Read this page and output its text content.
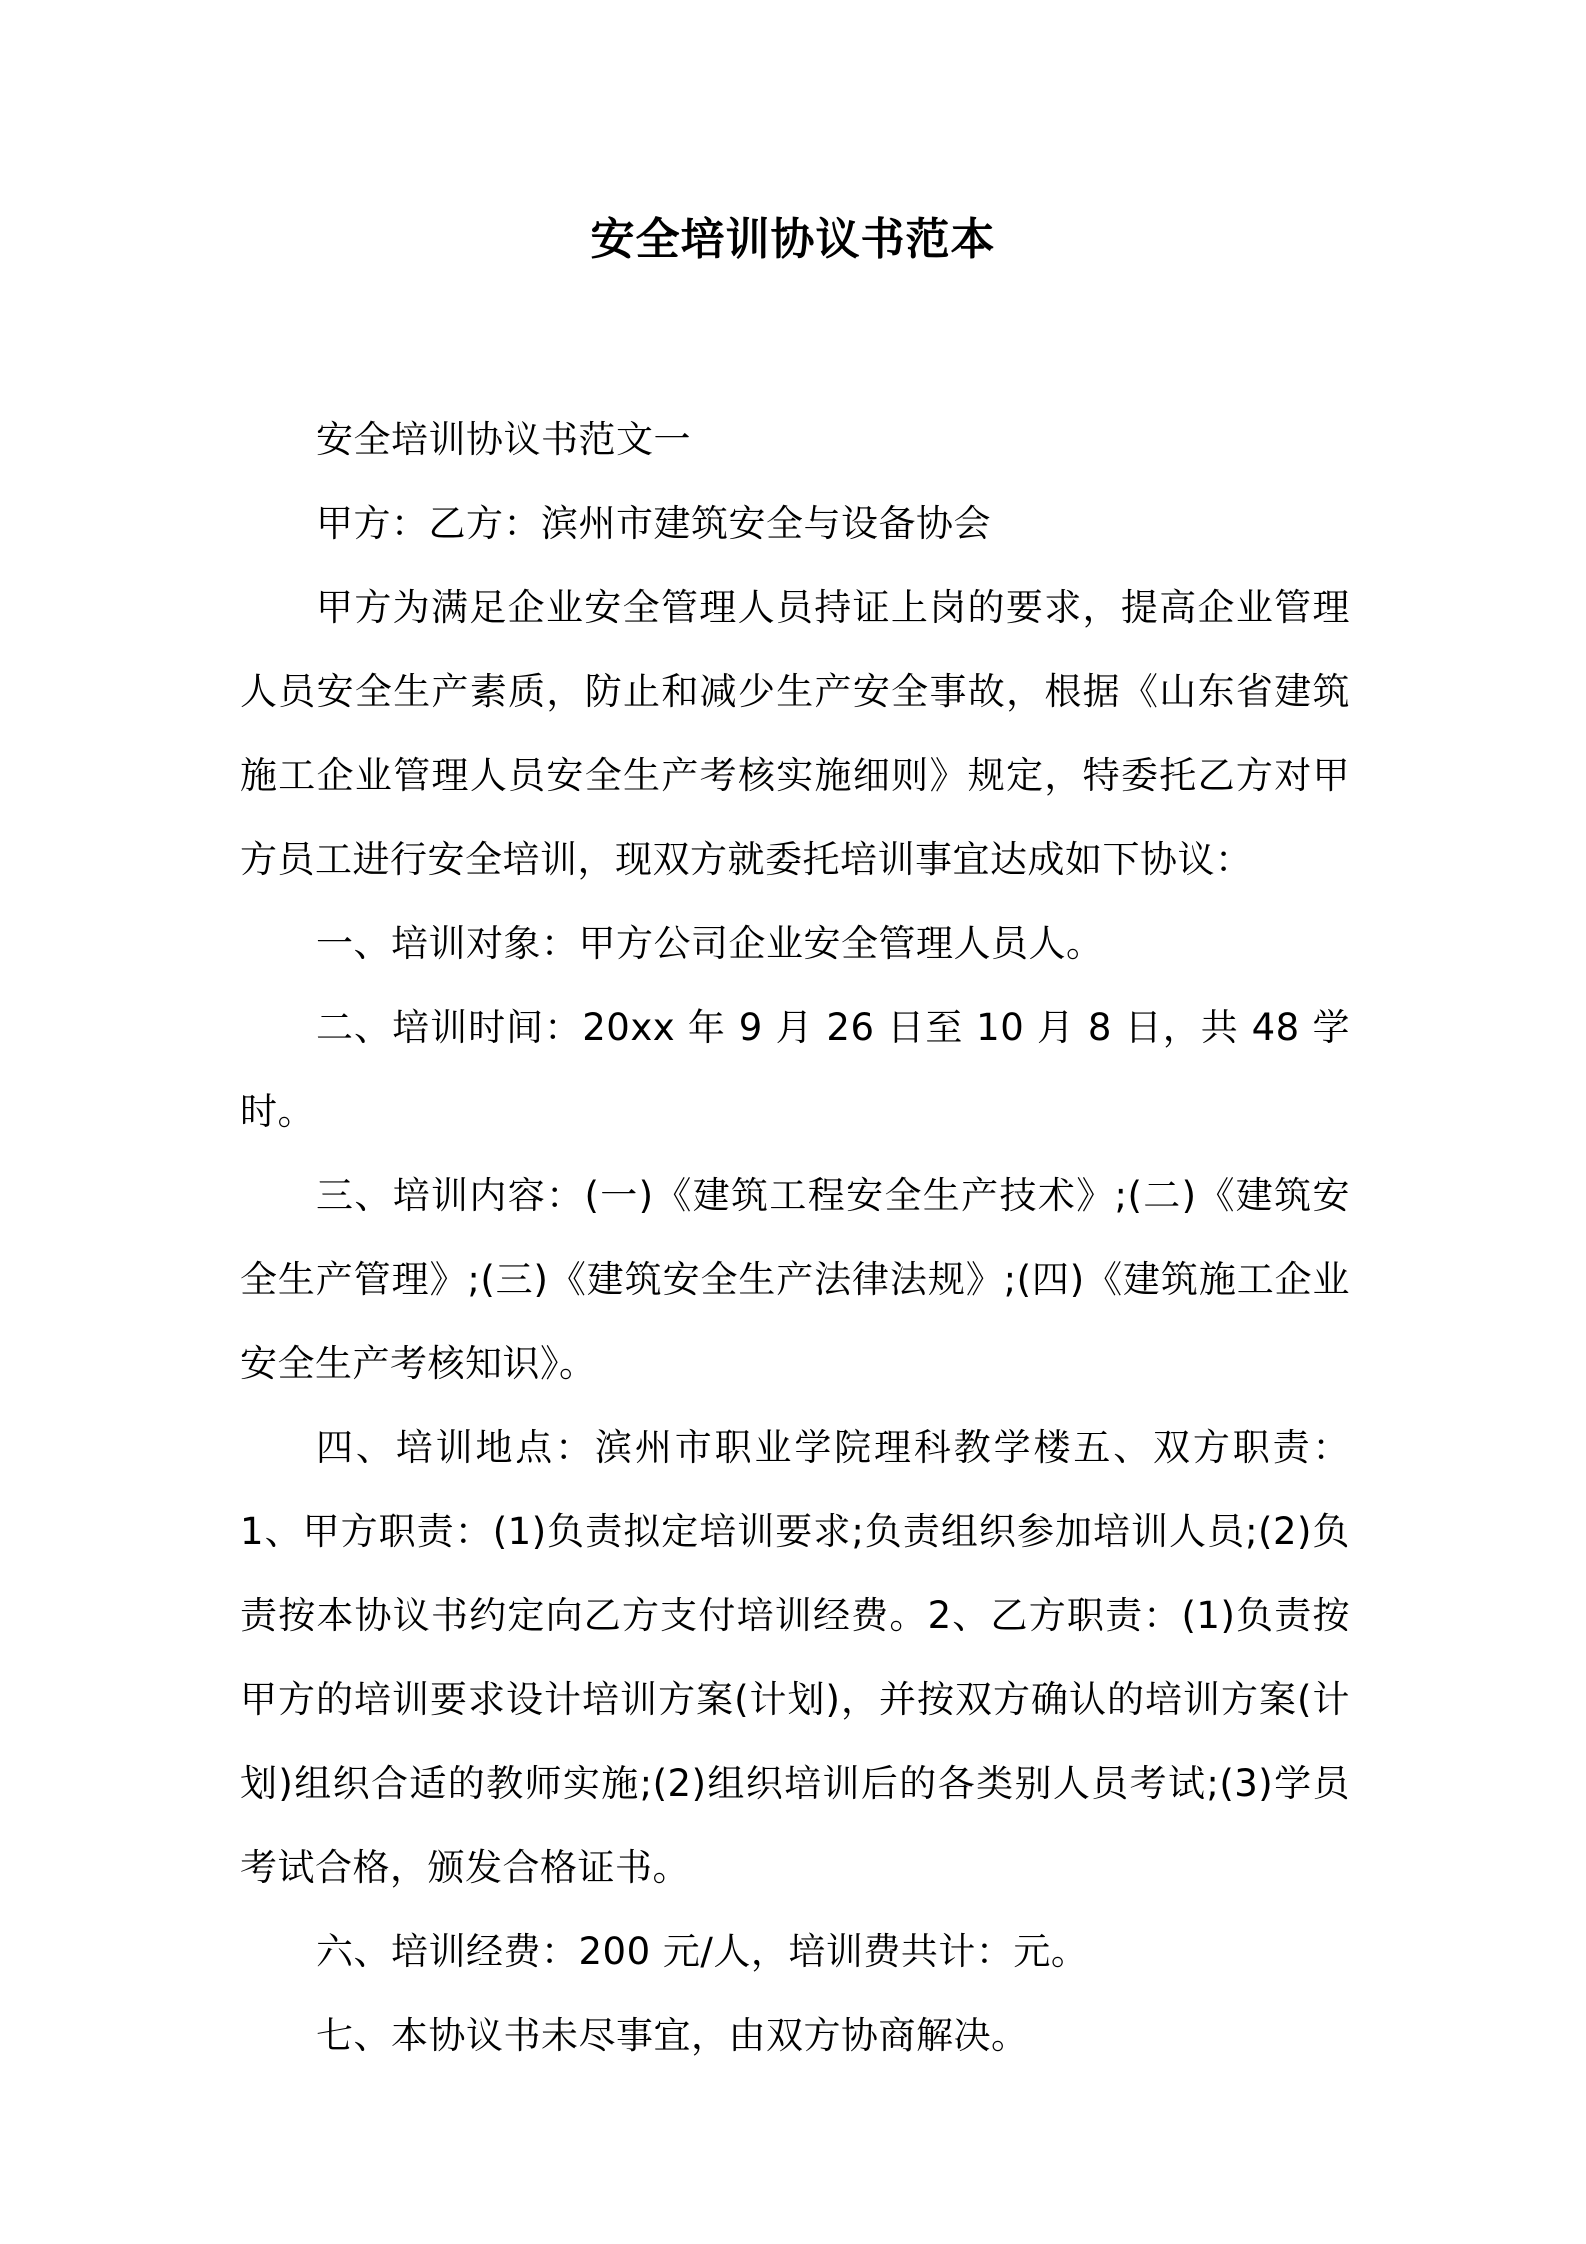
安全培训协议书范本

安全培训协议书范文一

甲方：乙方：滨州市建筑安全与设备协会

甲方为满足企业安全管理人员持证上岗的要求，提高企业管理人员安全生产素质，防止和减少生产安全事故，根据《山东省建筑施工企业管理人员安全生产考核实施细则》规定，特委托乙方对甲方员工进行安全培训，现双方就委托培训事宜达成如下协议：

一、培训对象：甲方公司企业安全管理人员人。

二、培训时间：20xx 年 9 月 26 日至 10 月 8 日，共 48 学时。

三、培训内容：(一)《建筑工程安全生产技术》;(二)《建筑安全生产管理》;(三)《建筑安全生产法律法规》;(四)《建筑施工企业安全生产考核知识》。

四、培训地点：滨州市职业学院理科教学楼五、双方职责：1、甲方职责：(1)负责拟定培训要求;负责组织参加培训人员;(2)负责按本协议书约定向乙方支付培训经费。2、乙方职责：(1)负责按甲方的培训要求设计培训方案(计划)，并按双方确认的培训方案(计划)组织合适的教师实施;(2)组织培训后的各类别人员考试;(3)学员考试合格，颁发合格证书。

六、培训经费：200 元/人，培训费共计：元。

七、本协议书未尽事宜，由双方协商解决。
